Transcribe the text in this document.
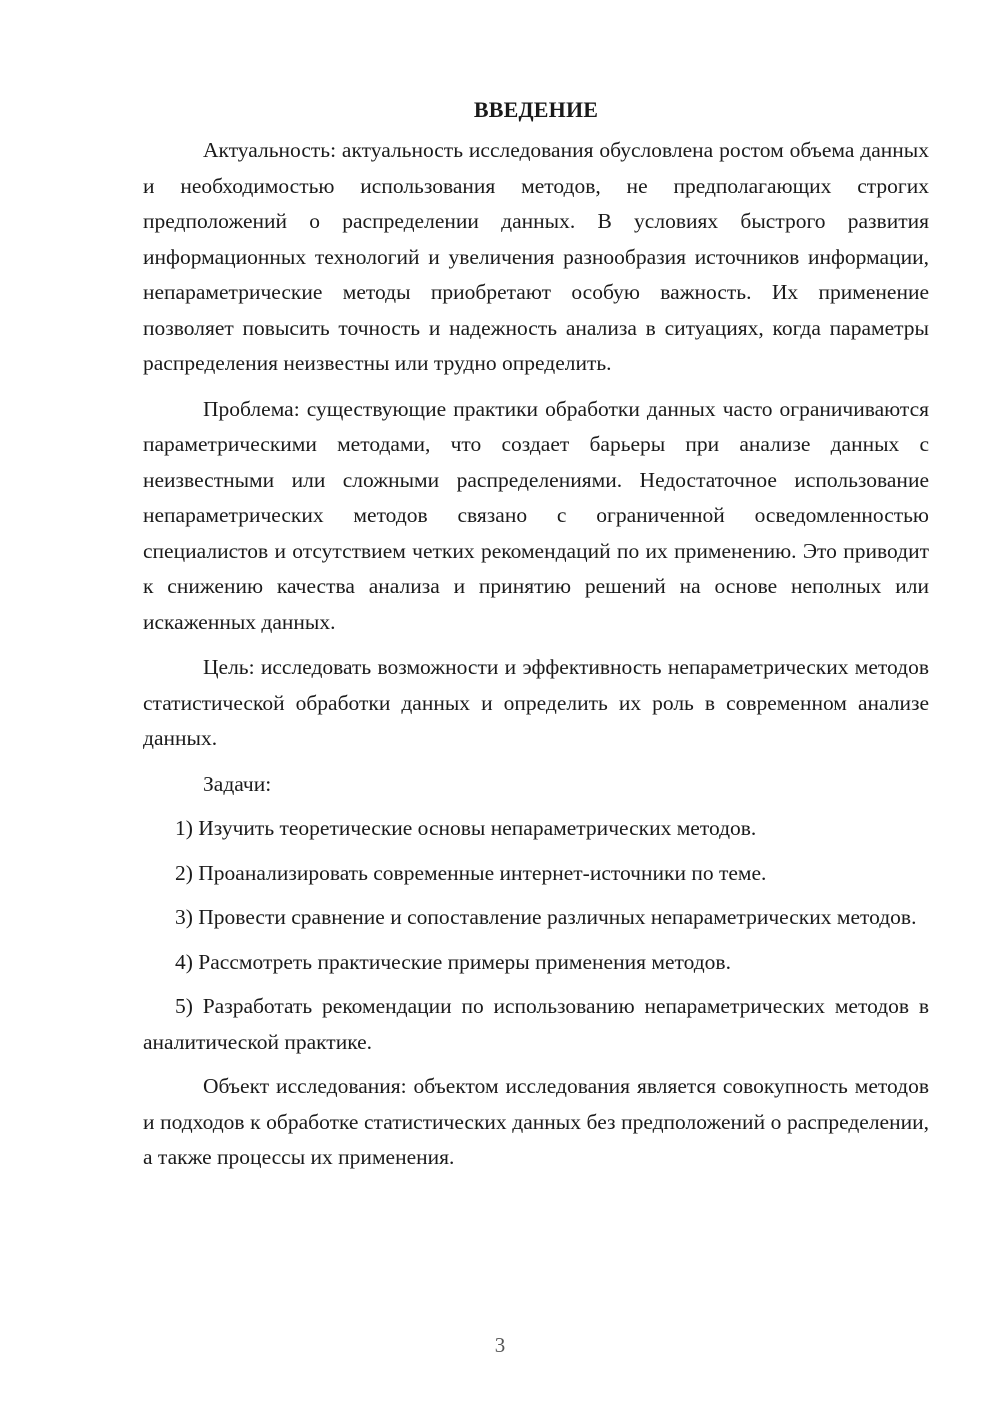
ВВЕДЕНИЕ

Актуальность: актуальность исследования обусловлена ростом объема данных и необходимостью использования методов, не предполагающих строгих предположений о распределении данных. В условиях быстрого развития информационных технологий и увеличения разнообразия источников информации, непараметрические методы приобретают особую важность. Их применение позволяет повысить точность и надежность анализа в ситуациях, когда параметры распределения неизвестны или трудно определить.

Проблема: существующие практики обработки данных часто ограничиваются параметрическими методами, что создает барьеры при анализе данных с неизвестными или сложными распределениями. Недостаточное использование непараметрических методов связано с ограниченной осведомленностью специалистов и отсутствием четких рекомендаций по их применению. Это приводит к снижению качества анализа и принятию решений на основе неполных или искаженных данных.

Цель: исследовать возможности и эффективность непараметрических методов статистической обработки данных и определить их роль в современном анализе данных.

Задачи:

1) Изучить теоретические основы непараметрических методов.

2) Проанализировать современные интернет-источники по теме.

3) Провести сравнение и сопоставление различных непараметрических методов.

4) Рассмотреть практические примеры применения методов.

5) Разработать рекомендации по использованию непараметрических методов в аналитической практике.

Объект исследования: объектом исследования является совокупность методов и подходов к обработке статистических данных без предположений о распределении, а также процессы их применения.

3
